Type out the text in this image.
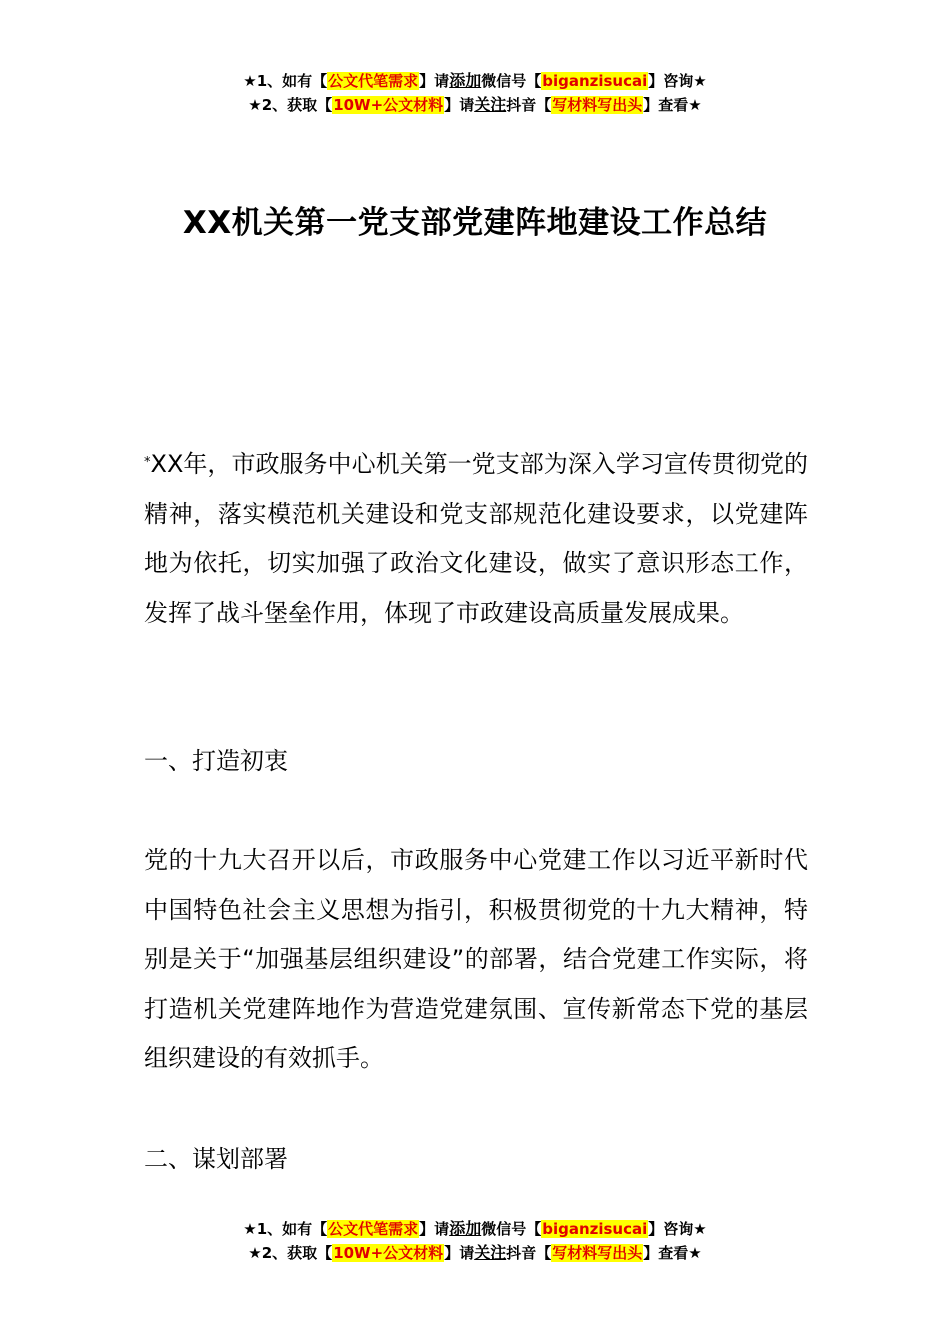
★1、如有【公文代笔需求】请添加微信号【biganzisucai】咨询★
★2、获取【10W+公文材料】请关注抖音【写材料写出头】查看★
XX机关第一党支部党建阵地建设工作总结

*XX年，市政服务中心机关第一党支部为深入学习宣传贯彻党的精神，落实模范机关建设和党支部规范化建设要求，以党建阵地为依托，切实加强了政治文化建设，做实了意识形态工作，发挥了战斗堡垒作用，体现了市政建设高质量发展成果。

一、打造初衷

党的十九大召开以后，市政服务中心党建工作以习近平新时代中国特色社会主义思想为指引，积极贯彻党的十九大精神，特别是关于“加强基层组织建设”的部署，结合党建工作实际，将打造机关党建阵地作为营造党建氛围、宣传新常态下党的基层组织建设的有效抓手。

二、谋划部署

★1、如有【公文代笔需求】请添加微信号【biganzisucai】咨询★
★2、获取【10W+公文材料】请关注抖音【写材料写出头】查看★
